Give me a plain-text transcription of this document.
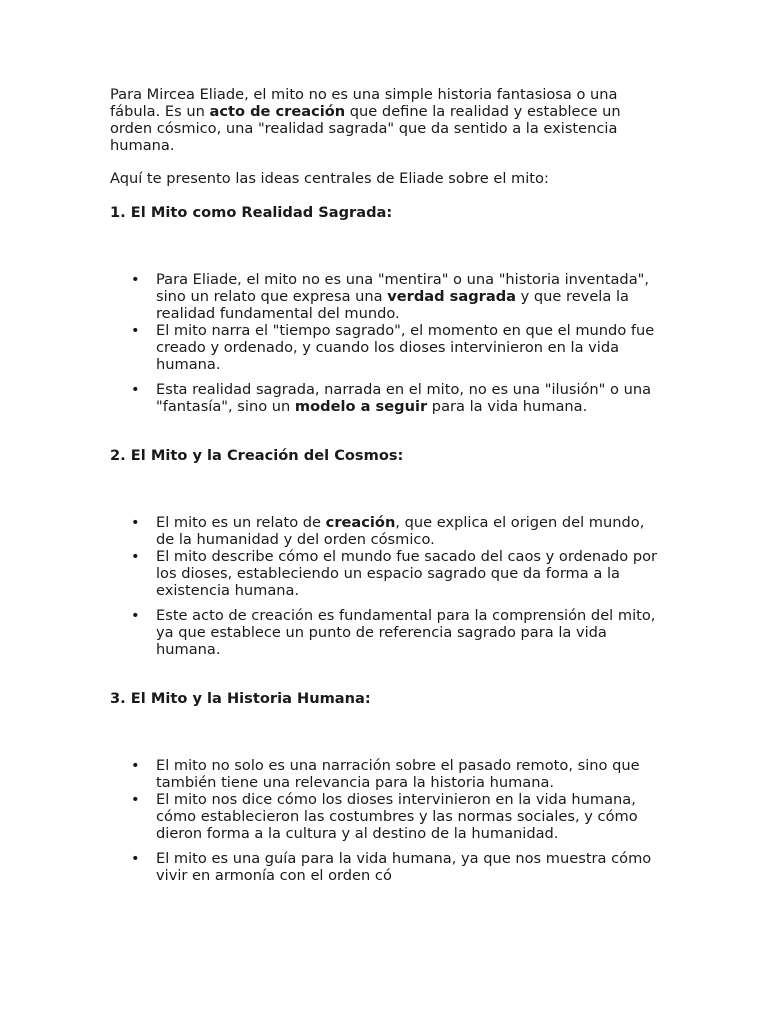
Para Mircea Eliade, el mito no es una simple historia fantasiosa o una fábula. Es un acto de creación que define la realidad y establece un orden cósmico, una "realidad sagrada" que da sentido a la existencia humana.

Aquí te presento las ideas centrales de Eliade sobre el mito:

1. El Mito como Realidad Sagrada:

• Para Eliade, el mito no es una "mentira" o una "historia inventada", sino un relato que expresa una verdad sagrada y que revela la realidad fundamental del mundo.
• El mito narra el "tiempo sagrado", el momento en que el mundo fue creado y ordenado, y cuando los dioses intervinieron en la vida humana.
• Esta realidad sagrada, narrada en el mito, no es una "ilusión" o una "fantasía", sino un modelo a seguir para la vida humana.

2. El Mito y la Creación del Cosmos:

• El mito es un relato de creación, que explica el origen del mundo, de la humanidad y del orden cósmico.
• El mito describe cómo el mundo fue sacado del caos y ordenado por los dioses, estableciendo un espacio sagrado que da forma a la existencia humana.
• Este acto de creación es fundamental para la comprensión del mito, ya que establece un punto de referencia sagrado para la vida humana.

3. El Mito y la Historia Humana:

• El mito no solo es una narración sobre el pasado remoto, sino que también tiene una relevancia para la historia humana.
• El mito nos dice cómo los dioses intervinieron en la vida humana, cómo establecieron las costumbres y las normas sociales, y cómo dieron forma a la cultura y al destino de la humanidad.
• El mito es una guía para la vida humana, ya que nos muestra cómo vivir en armonía con el orden có
